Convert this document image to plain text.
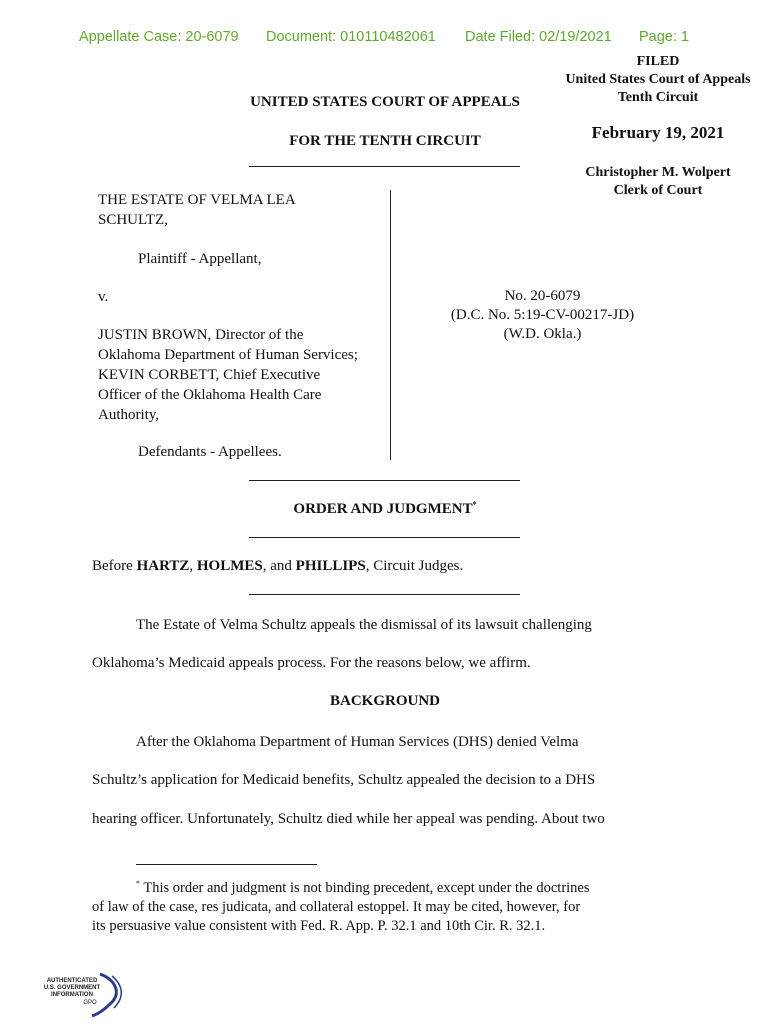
Appellate Case: 20-6079 Document: 010110482061 Date Filed: 02/19/2021 Page: 1
FILED
United States Court of Appeals
Tenth Circuit
February 19, 2021
Christopher M. Wolpert
Clerk of Court
UNITED STATES COURT OF APPEALS
FOR THE TENTH CIRCUIT
THE ESTATE OF VELMA LEA
SCHULTZ,
Plaintiff - Appellant,
v.
JUSTIN BROWN, Director of the
Oklahoma Department of Human Services;
KEVIN CORBETT, Chief Executive
Officer of the Oklahoma Health Care
Authority,
Defendants - Appellees.
No. 20-6079
(D.C. No. 5:19-CV-00217-JD)
(W.D. Okla.)
ORDER AND JUDGMENT*
Before HARTZ, HOLMES, and PHILLIPS, Circuit Judges.
The Estate of Velma Schultz appeals the dismissal of its lawsuit challenging
Oklahoma’s Medicaid appeals process. For the reasons below, we affirm.
BACKGROUND
After the Oklahoma Department of Human Services (DHS) denied Velma
Schultz’s application for Medicaid benefits, Schultz appealed the decision to a DHS
hearing officer. Unfortunately, Schultz died while her appeal was pending. About two
* This order and judgment is not binding precedent, except under the doctrines
of law of the case, res judicata, and collateral estoppel. It may be cited, however, for
its persuasive value consistent with Fed. R. App. P. 32.1 and 10th Cir. R. 32.1.
AUTHENTICATED
U.S. GOVERNMENT
INFORMATION
GPO
